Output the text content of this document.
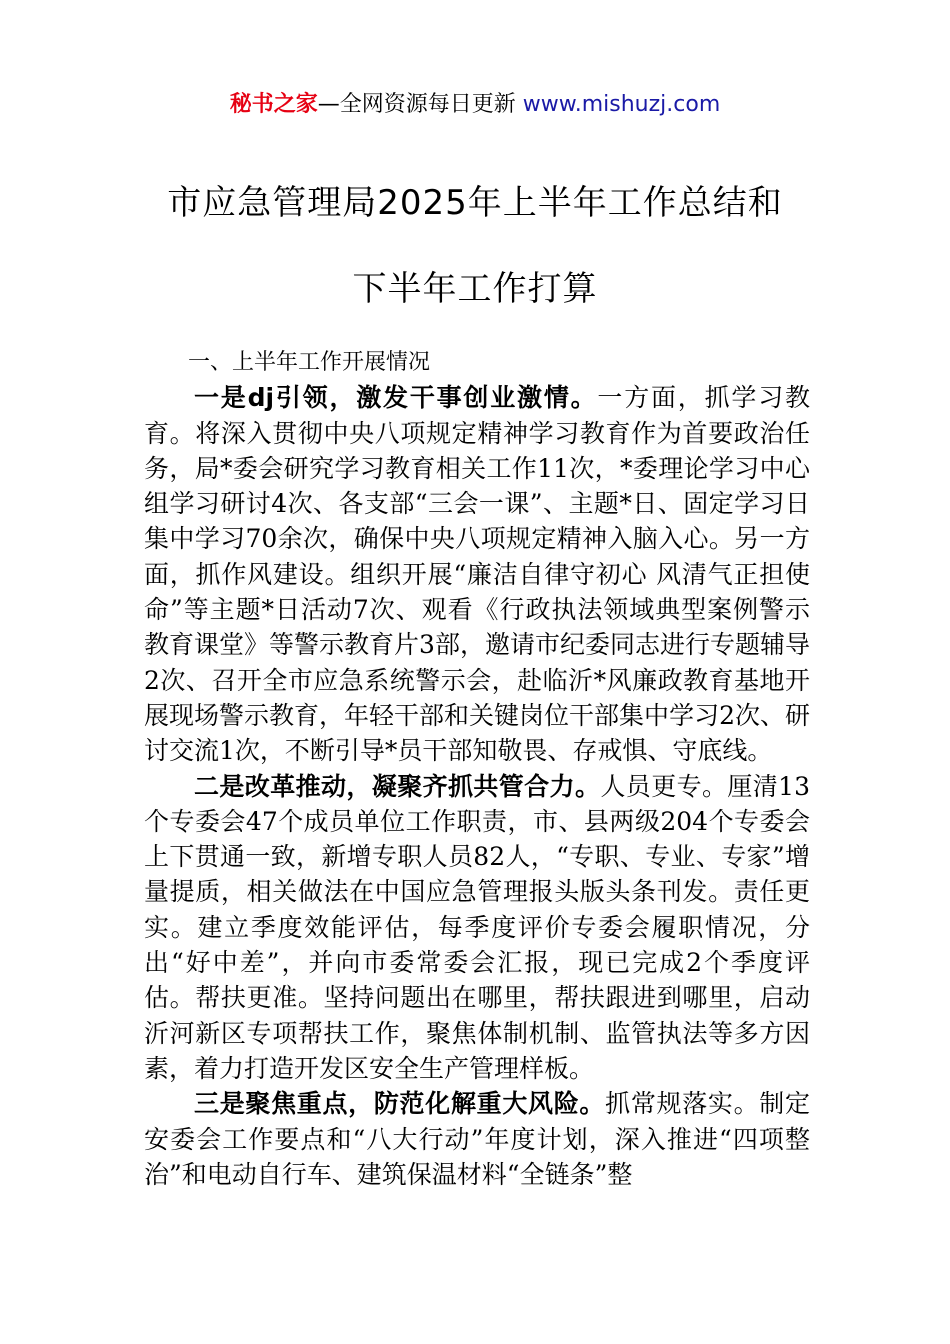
秘书之家—全网资源每日更新 www.mishuzj.com
市应急管理局2025年上半年工作总结和
下半年工作打算

一、上半年工作开展情况

一是dj引领，激发干事创业激情。一方面，抓学习教育。将深入贯彻中央八项规定精神学习教育作为首要政治任务，局*委会研究学习教育相关工作11次，*委理论学习中心组学习研讨4次、各支部“三会一课”、主题*日、固定学习日集中学习70余次，确保中央八项规定精神入脑入心。另一方面，抓作风建设。组织开展“廉洁自律守初心 风清气正担使命”等主题*日活动7次、观看《行政执法领域典型案例警示教育课堂》等警示教育片3部，邀请市纪委同志进行专题辅导2次、召开全市应急系统警示会，赴临沂*风廉政教育基地开展现场警示教育，年轻干部和关键岗位干部集中学习2次、研讨交流1次，不断引导*员干部知敬畏、存戒惧、守底线。

二是改革推动，凝聚齐抓共管合力。人员更专。厘清13个专委会47个成员单位工作职责，市、县两级204个专委会上下贯通一致，新增专职人员82人，“专职、专业、专家”增量提质，相关做法在中国应急管理报头版头条刊发。责任更实。建立季度效能评估，每季度评价专委会履职情况，分出“好中差”，并向市委常委会汇报，现已完成2个季度评估。帮扶更准。坚持问题出在哪里，帮扶跟进到哪里，启动沂河新区专项帮扶工作，聚焦体制机制、监管执法等多方因素，着力打造开发区安全生产管理样板。

三是聚焦重点，防范化解重大风险。抓常规落实。制定安委会工作要点和“八大行动”年度计划，深入推进“四项整治”和电动自行车、建筑保温材料“全链条”整
